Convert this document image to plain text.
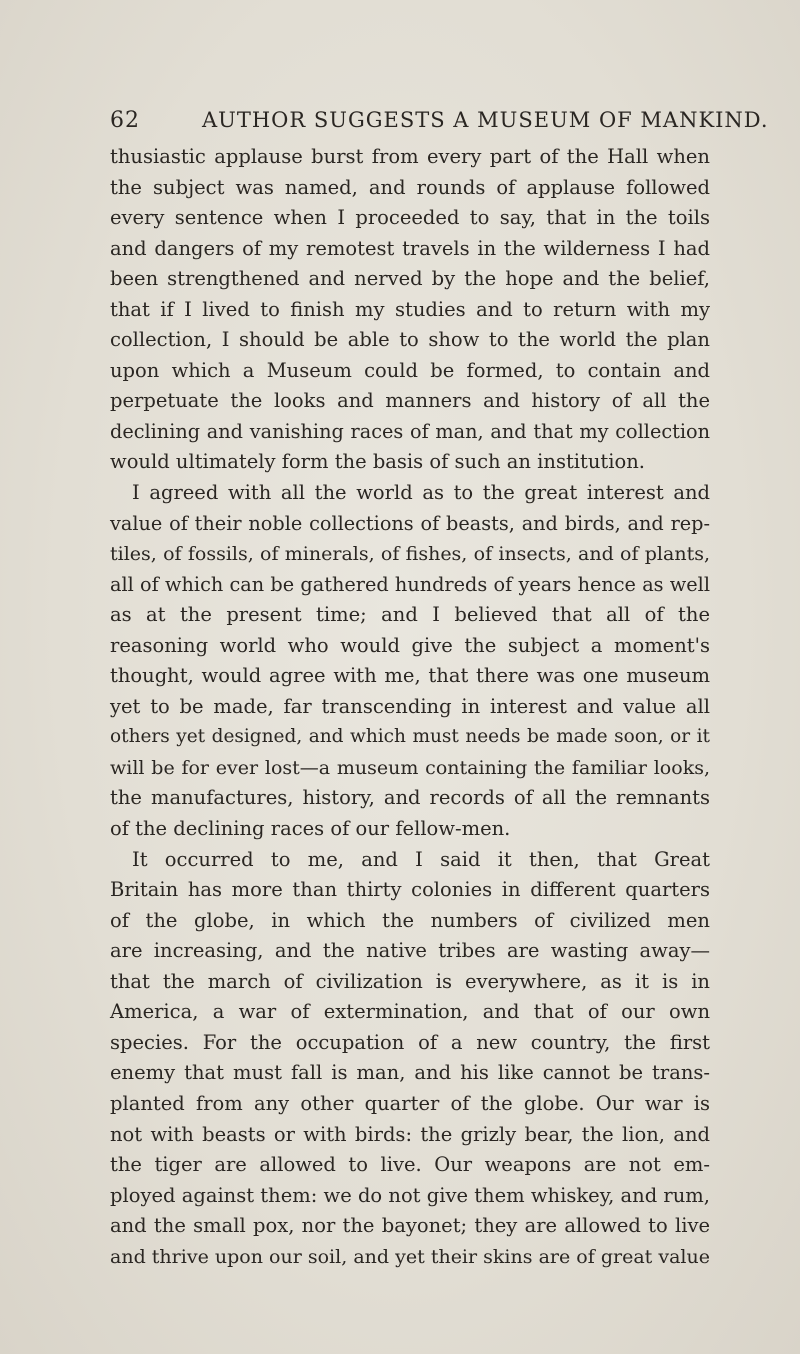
62	AUTHOR SUGGESTS A MUSEUM OF MANKIND.
thusiastic applause burst from every part of the Hall when
the subject was named, and rounds of applause followed
every sentence when I proceeded to say, that in the toils
and dangers of my remotest travels in the wilderness I had
been strengthened and nerved by the hope and the belief,
that if I lived to finish my studies and to return with my
collection, I should be able to show to the world the plan
upon which a Museum could be formed, to contain and
perpetuate the looks and manners and history of all the
declining and vanishing races of man, and that my collection
would ultimately form the basis of such an institution.
I agreed with all the world as to the great interest and
value of their noble collections of beasts, and birds, and rep-
tiles, of fossils, of minerals, of fishes, of insects, and of plants,
all of which can be gathered hundreds of years hence as well
as at the present time; and I believed that all of the
reasoning world who would give the subject a moment's
thought, would agree with me, that there was one museum
yet to be made, far transcending in interest and value all
others yet designed, and which must needs be made soon, or it
will be for ever lost—a museum containing the familiar looks,
the manufactures, history, and records of all the remnants
of the declining races of our fellow-men.
It occurred to me, and I said it then, that Great
Britain has more than thirty colonies in different quarters
of the globe, in which the numbers of civilized men
are increasing, and the native tribes are wasting away—
that the march of civilization is everywhere, as it is in
America, a war of extermination, and that of our own
species. For the occupation of a new country, the first
enemy that must fall is man, and his like cannot be trans-
planted from any other quarter of the globe. Our war is
not with beasts or with birds: the grizly bear, the lion, and
the tiger are allowed to live. Our weapons are not em-
ployed against them: we do not give them whiskey, and rum,
and the small pox, nor the bayonet; they are allowed to live
and thrive upon our soil, and yet their skins are of great value
